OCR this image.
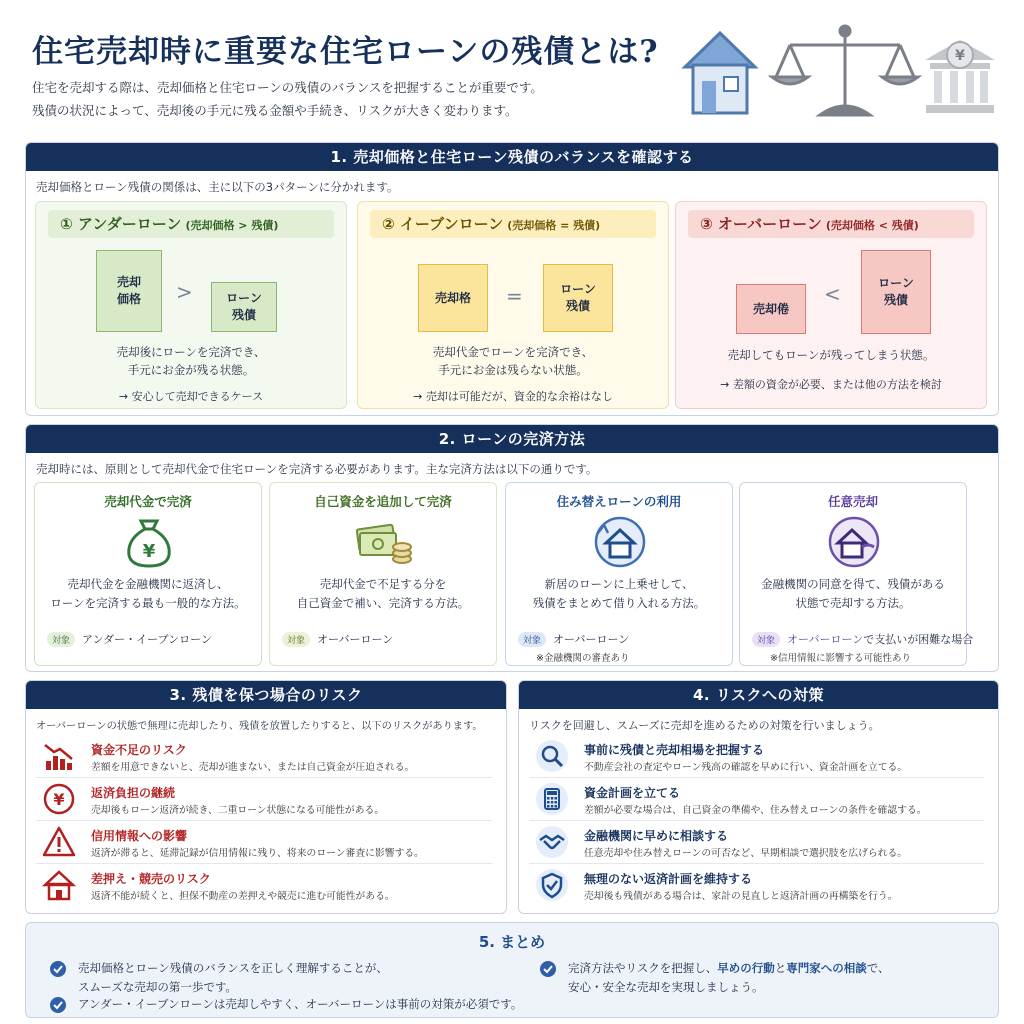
住宅売却時に重要な住宅ローンの残債とは?
住宅を売却する際は、売却価格と住宅ローンの残債のバランスを把握することが重要です。
残債の状況によって、売却後の手元に残る金額や手続き、リスクが大きく変わります。
¥
1. 売却価格と住宅ローン残債のバランスを確認する
売却価格とローン残債の関係は、主に以下の3パターンに分かれます。
① アンダーローン (売却価格 > 残債)
売却
価格	>	ローン
残債
売却後にローンを完済でき、
手元にお金が残る状態。
→ 安心して売却できるケース
② イーブンローン (売却価格 = 残債)
売却格	=	ローン
残債
売却代金でローンを完済でき、
手元にお金は残らない状態。
→ 売却は可能だが、資金的な余裕はなし
③ オーバーローン (売却価格 < 残債)
売却倦
<	ローン
残債
売却してもローンが残ってしまう状態。
→ 差額の資金が必要、または他の方法を検討
2. ローンの完済方法
売却時には、原則として売却代金で住宅ローンを完済する必要があります。主な完済方法は以下の通りです。
売却代金で完済
¥
売却代金を金融機関に返済し、
ローンを完済する最も一般的な方法。
対象	アンダー・イーブンローン
自己資金を追加して完済
売却代金で不足する分を
自己資金で補い、完済する方法。
対象	オーバーローン
住み替えローンの利用
新居のローンに上乗せして、
残債をまとめて借り入れる方法。
対象	オーバーローン
※金融機関の審査あり
任意売却
金融機関の同意を得て、残債がある
状態で売却する方法。
対象	オーバーローン で支払いが困難な場合
※信用情報に影響する可能性あり
3. 残債を保つ場合のリスク
オーバーローンの状態で無理に売却したり、残債を放置したりすると、以下のリスクがあります。
資金不足のリスク
差額を用意できないと、売却が進まない、または自己資金が圧迫される。
¥ 返済負担の継続
売却後もローン返済が続き、二重ローン状態になる可能性がある。
信用情報への影響
返済が滞ると、延滞記録が信用情報に残り、将来のローン審査に影響する。
差押え・競売のリスク
返済不能が続くと、担保不動産の差押えや競売に進む可能性がある。
4. リスクへの対策
リスクを回避し、スムーズに売却を進めるための対策を行いましょう。
事前に残債と売却相場を把握する
不動産会社の査定やローン残高の確認を早めに行い、資金計画を立てる。
資金計画を立てる
差額が必要な場合は、自己資金の準備や、住み替えローンの条件を確認する。
金融機関に早めに相談する
任意売却や住み替えローンの可否など、早期相談で選択肢を広げられる。
無理のない返済計画を維持する
売却後も残債がある場合は、家計の見直しと返済計画の再構築を行う。
5. まとめ
売却価格とローン残債のバランスを正しく理解することが、
スムーズな売却の第一歩です。
アンダー・イーブンローンは売却しやすく、オーバーローンは事前の対策が必須です。
完済方法やリスクを把握し、早めの行動と専門家への相談で、
安心・安全な売却を実現しましょう。
